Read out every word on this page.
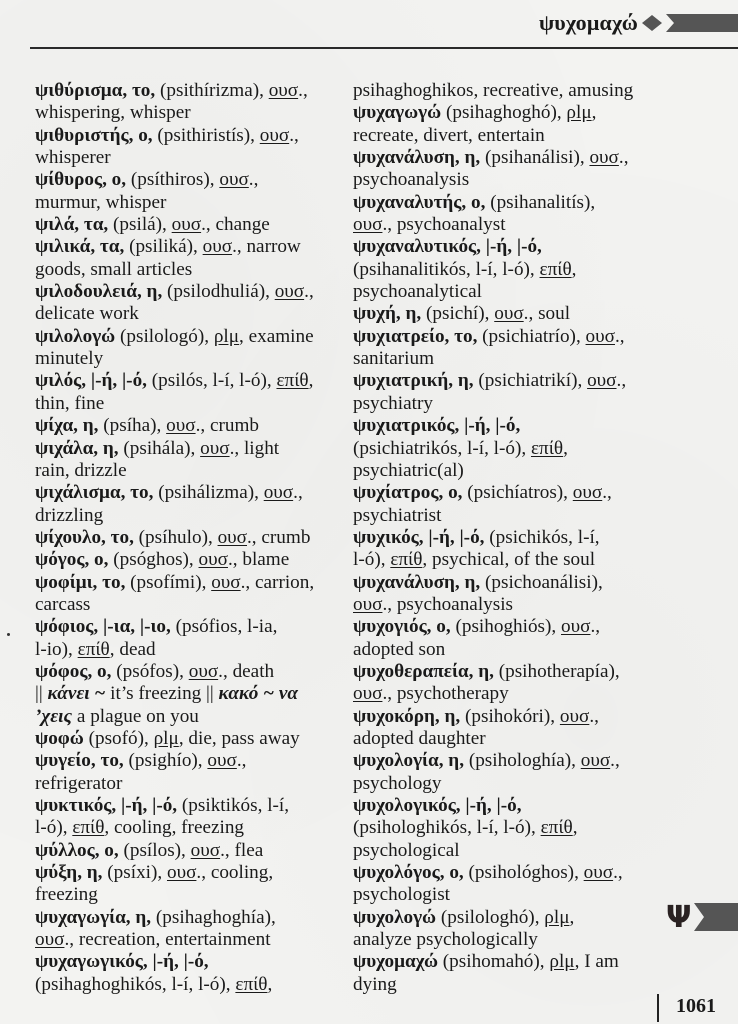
ψυχομαχώ
ψιθύρισμα, το, (psithírizma), ουσ.,
whispering, whisper
ψιθυριστής, ο, (psithiristís), ουσ.,
whisperer
ψίθυρος, ο, (psíthiros), ουσ.,
murmur, whisper
ψιλά, τα, (psilá), ουσ., change
ψιλικά, τα, (psiliká), ουσ., narrow
goods, small articles
ψιλοδουλειά, η, (psilodhuliá), ουσ.,
delicate work
ψιλολογώ (psilologó), ρlμ, examine
minutely
ψιλός, |-ή, |-ό, (psilós, l-í, l-ó), επίθ,
thin, fine
ψίχα, η, (psíha), ουσ., crumb
ψιχάλα, η, (psihála), ουσ., light
rain, drizzle
ψιχάλισμα, το, (psihálizma), ουσ.,
drizzling
ψίχουλο, το, (psíhulo), ουσ., crumb
ψόγος, ο, (psóghos), ουσ., blame
ψοφίμι, το, (psofími), ουσ., carrion,
carcass
ψόφιος, |-ια, |-ιο, (psófios, l-ia,
l-io), επίθ, dead
ψόφος, ο, (psófos), ουσ., death
|| κάνει ~ it’s freezing || κακό ~ να
’χεις a plague on you
ψοφώ (psofó), ρlμ, die, pass away
ψυγείο, το, (psighío), ουσ.,
refrigerator
ψυκτικός, |-ή, |-ό, (psiktikós, l-í,
l-ó), επίθ, cooling, freezing
ψύλλος, ο, (psílos), ουσ., flea
ψύξη, η, (psíxi), ουσ., cooling,
freezing
ψυχαγωγία, η, (psihaghoghía),
ουσ., recreation, entertainment
ψυχαγωγικός, |-ή, |-ό,
(psihaghoghikós, l-í, l-ó), επίθ,
psihaghoghikos, recreative, amusing
ψυχαγωγώ (psihaghoghó), ρlμ,
recreate, divert, entertain
ψυχανάλυση, η, (psihanálisi), ουσ.,
psychoanalysis
ψυχαναλυτής, ο, (psihanalitís),
ουσ., psychoanalyst
ψυχαναλυτικός, |-ή, |-ό,
(psihanalitikós, l-í, l-ó), επίθ,
psychoanalytical
ψυχή, η, (psichí), ουσ., soul
ψυχιατρείο, το, (psichiatrío), ουσ.,
sanitarium
ψυχιατρική, η, (psichiatrikí), ουσ.,
psychiatry
ψυχιατρικός, |-ή, |-ό,
(psichiatrikós, l-í, l-ó), επίθ,
psychiatric(al)
ψυχίατρος, ο, (psichíatros), ουσ.,
psychiatrist
ψυχικός, |-ή, |-ό, (psichikós, l-í,
l-ó), επίθ, psychical, of the soul
ψυχανάλυση, η, (psichoanálisi),
ουσ., psychoanalysis
ψυχογιός, ο, (psihoghiós), ουσ.,
adopted son
ψυχοθεραπεία, η, (psihotherapía),
ουσ., psychotherapy
ψυχοκόρη, η, (psihokóri), ουσ.,
adopted daughter
ψυχολογία, η, (psihologhía), ουσ.,
psychology
ψυχολογικός, |-ή, |-ό,
(psihologhikós, l-í, l-ó), επίθ,
psychological
ψυχολόγος, ο, (psihológhos), ουσ.,
psychologist
ψυχολογώ (psilologhó), ρlμ,
analyze psychologically
ψυχομαχώ (psihomahó), ρlμ, I am
dying
Ψ
1061
